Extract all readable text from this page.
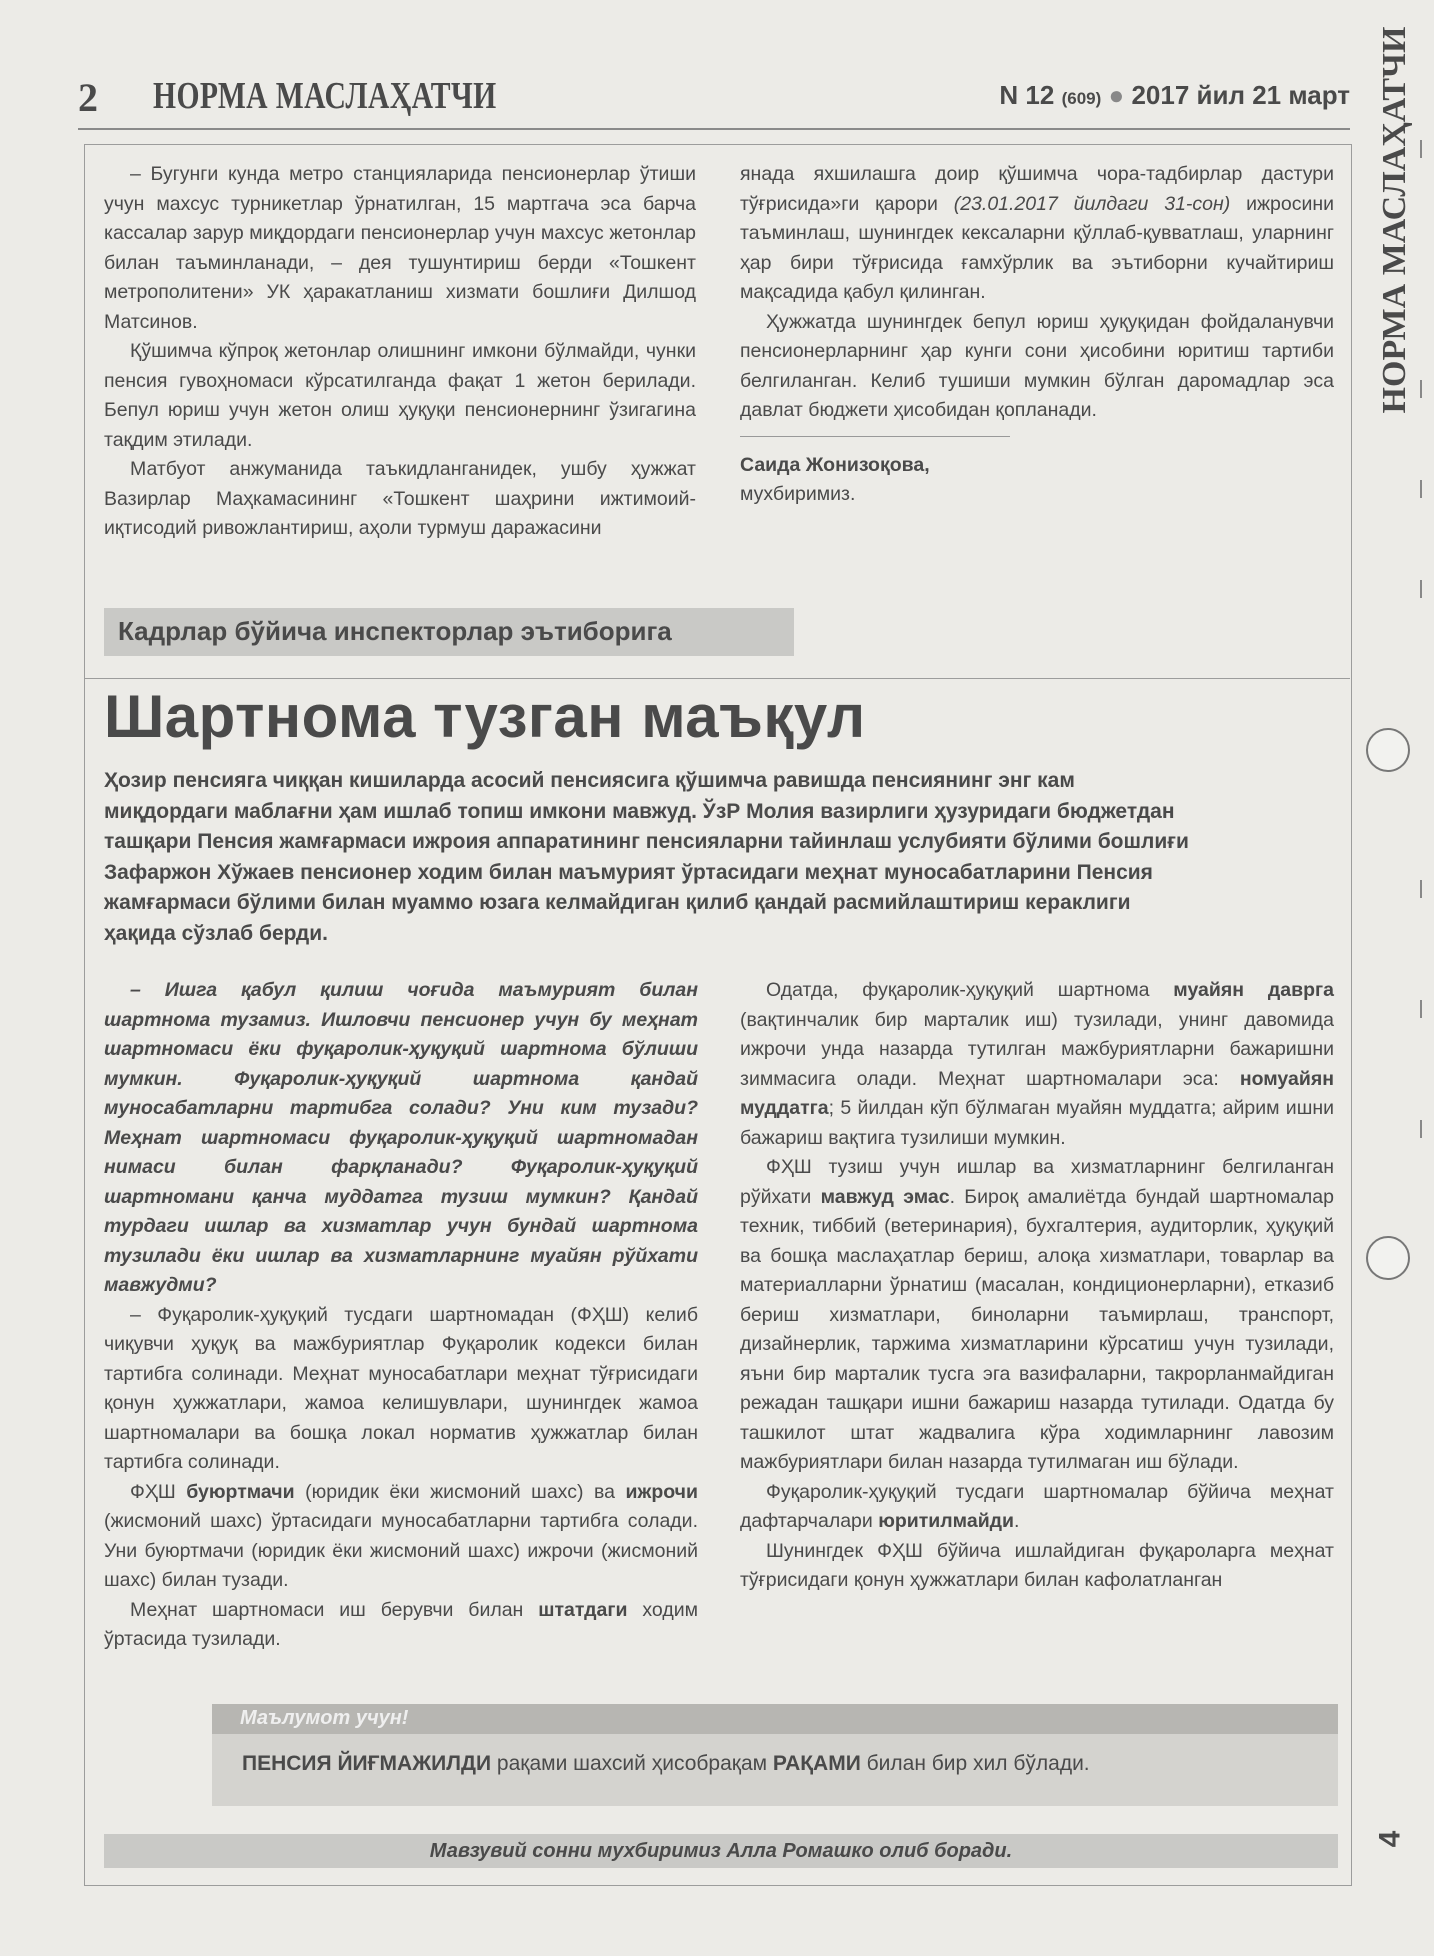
2 НОРМА МАСЛАҲАТЧИ	N 12 (609) ● 2017 йил 21 март НОРМА МАСЛАҲАТЧИ
4

– Бугунги кунда метро станцияларида пенсионерлар ўтиши учун махсус турникетлар ўрнатилган, 15 мартгача эса барча кассалар зарур миқдордаги пенсионерлар учун махсус жетонлар билан таъминланади, – дея тушунтириш берди «Тошкент метрополитени» УК ҳаракатланиш хизмати бошлиғи Дилшод Матсинов.

Қўшимча кўпроқ жетонлар олишнинг имкони бўлмайди, чунки пенсия гувоҳномаси кўрсатилганда фақат 1 жетон берилади. Бепул юриш учун жетон олиш ҳуқуқи пенсионернинг ўзигагина тақдим этилади.

Матбуот анжуманида таъкидланганидек, ушбу ҳужжат Вазирлар Маҳкамасининг «Тошкент шаҳрини ижтимоий-иқтисодий ривожлантириш, аҳоли турмуш даражасини

янада яхшилашга доир қўшимча чора-тадбирлар дастури тўғрисида»ги қарори (23.01.2017 йилдаги 31-сон) ижросини таъминлаш, шунингдек кексаларни қўллаб-қувватлаш, уларнинг ҳар бири тўғрисида ғамхўрлик ва эътиборни кучайтириш мақсадида қабул қилинган.

Ҳужжатда шунингдек бепул юриш ҳуқуқидан фойдаланувчи пенсионерларнинг ҳар кунги сони ҳисобини юритиш тартиби белгиланган. Келиб тушиши мумкин бўлган даромадлар эса давлат бюджети ҳисобидан қопланади.

Саида Жонизоқова,

мухбиримиз.

Кадрлар бўйича инспекторлар эътиборига
Шартнома тузган маъқул
Ҳозир пенсияга чиққан кишиларда асосий пенсиясига қўшимча равишда пенсиянинг энг кам миқдордаги маблағни ҳам ишлаб топиш имкони мавжуд. ЎзР Молия вазирлиги ҳузуридаги бюджетдан ташқари Пенсия жамғармаси ижроия аппаратининг пенсияларни тайинлаш услубияти бўлими бошлиғи Зафаржон Хўжаев пенсионер ходим билан маъмурият ўртасидаги меҳнат муносабатларини Пенсия жамғармаси бўлими билан муаммо юзага келмайдиган қилиб қандай расмийлаштириш кераклиги ҳақида сўзлаб берди.

– Ишга қабул қилиш чоғида маъмурият билан шартнома тузамиз. Ишловчи пенсионер учун бу меҳнат шартномаси ёки фуқаролик-ҳуқуқий шартнома бўлиши мумкин. Фуқаролик-ҳуқуқий шартнома қандай муносабатларни тартибга солади? Уни ким тузади? Меҳнат шартномаси фуқаролик-ҳуқуқий шартномадан нимаси билан фарқланади? Фуқаролик-ҳуқуқий шартномани қанча муддатга тузиш мумкин? Қандай турдаги ишлар ва хизматлар учун бундай шартнома тузилади ёки ишлар ва хизматларнинг муайян рўйхати мавжудми?

– Фуқаролик-ҳуқуқий тусдаги шартномадан (ФҲШ) келиб чиқувчи ҳуқуқ ва мажбуриятлар Фуқаролик кодекси билан тартибга солинади. Меҳнат муносабатлари меҳнат тўғрисидаги қонун ҳужжатлари, жамоа келишувлари, шунингдек жамоа шартномалари ва бошқа локал норматив ҳужжатлар билан тартибга солинади.

ФҲШ буюртмачи (юридик ёки жисмоний шахс) ва ижрочи (жисмоний шахс) ўртасидаги муносабатларни тартибга солади. Уни буюртмачи (юридик ёки жисмоний шахс) ижрочи (жисмоний шахс) билан тузади.

Меҳнат шартномаси иш берувчи билан штатдаги ходим ўртасида тузилади.

Одатда, фуқаролик-ҳуқуқий шартнома муайян даврга (вақтинчалик бир марталик иш) тузилади, унинг давомида ижрочи унда назарда тутилган мажбуриятларни бажаришни зиммасига олади. Меҳнат шартномалари эса: номуайян муддатга; 5 йилдан кўп бўлмаган муайян муддатга; айрим ишни бажариш вақтига тузилиши мумкин.

ФҲШ тузиш учун ишлар ва хизматларнинг белгиланган рўйхати мавжуд эмас. Бироқ амалиётда бундай шартномалар техник, тиббий (ветеринария), бухгалтерия, аудиторлик, ҳуқуқий ва бошқа маслаҳатлар бериш, алоқа хизматлари, товарлар ва материалларни ўрнатиш (масалан, кондиционерларни), етказиб бериш хизматлари, биноларни таъмирлаш, транспорт, дизайнерлик, таржима хизматларини кўрсатиш учун тузилади, яъни бир марталик тусга эга вазифаларни, такрорланмайдиган режадан ташқари ишни бажариш назарда тутилади. Одатда бу ташкилот штат жадвалига кўра ходимларнинг лавозим мажбуриятлари билан назарда тутилмаган иш бўлади.

Фуқаролик-ҳуқуқий тусдаги шартномалар бўйича меҳнат дафтарчалари юритилмайди.

Шунингдек ФҲШ бўйича ишлайдиган фуқароларга меҳнат тўғрисидаги қонун ҳужжатлари билан кафолатланган

Маълумот учун!
ПЕНСИЯ ЙИҒМАЖИЛДИ рақами шахсий ҳисобрақам РАҚАМИ билан бир хил бўлади.
Мавзувий сонни мухбиримиз Алла Ромашко олиб боради.
